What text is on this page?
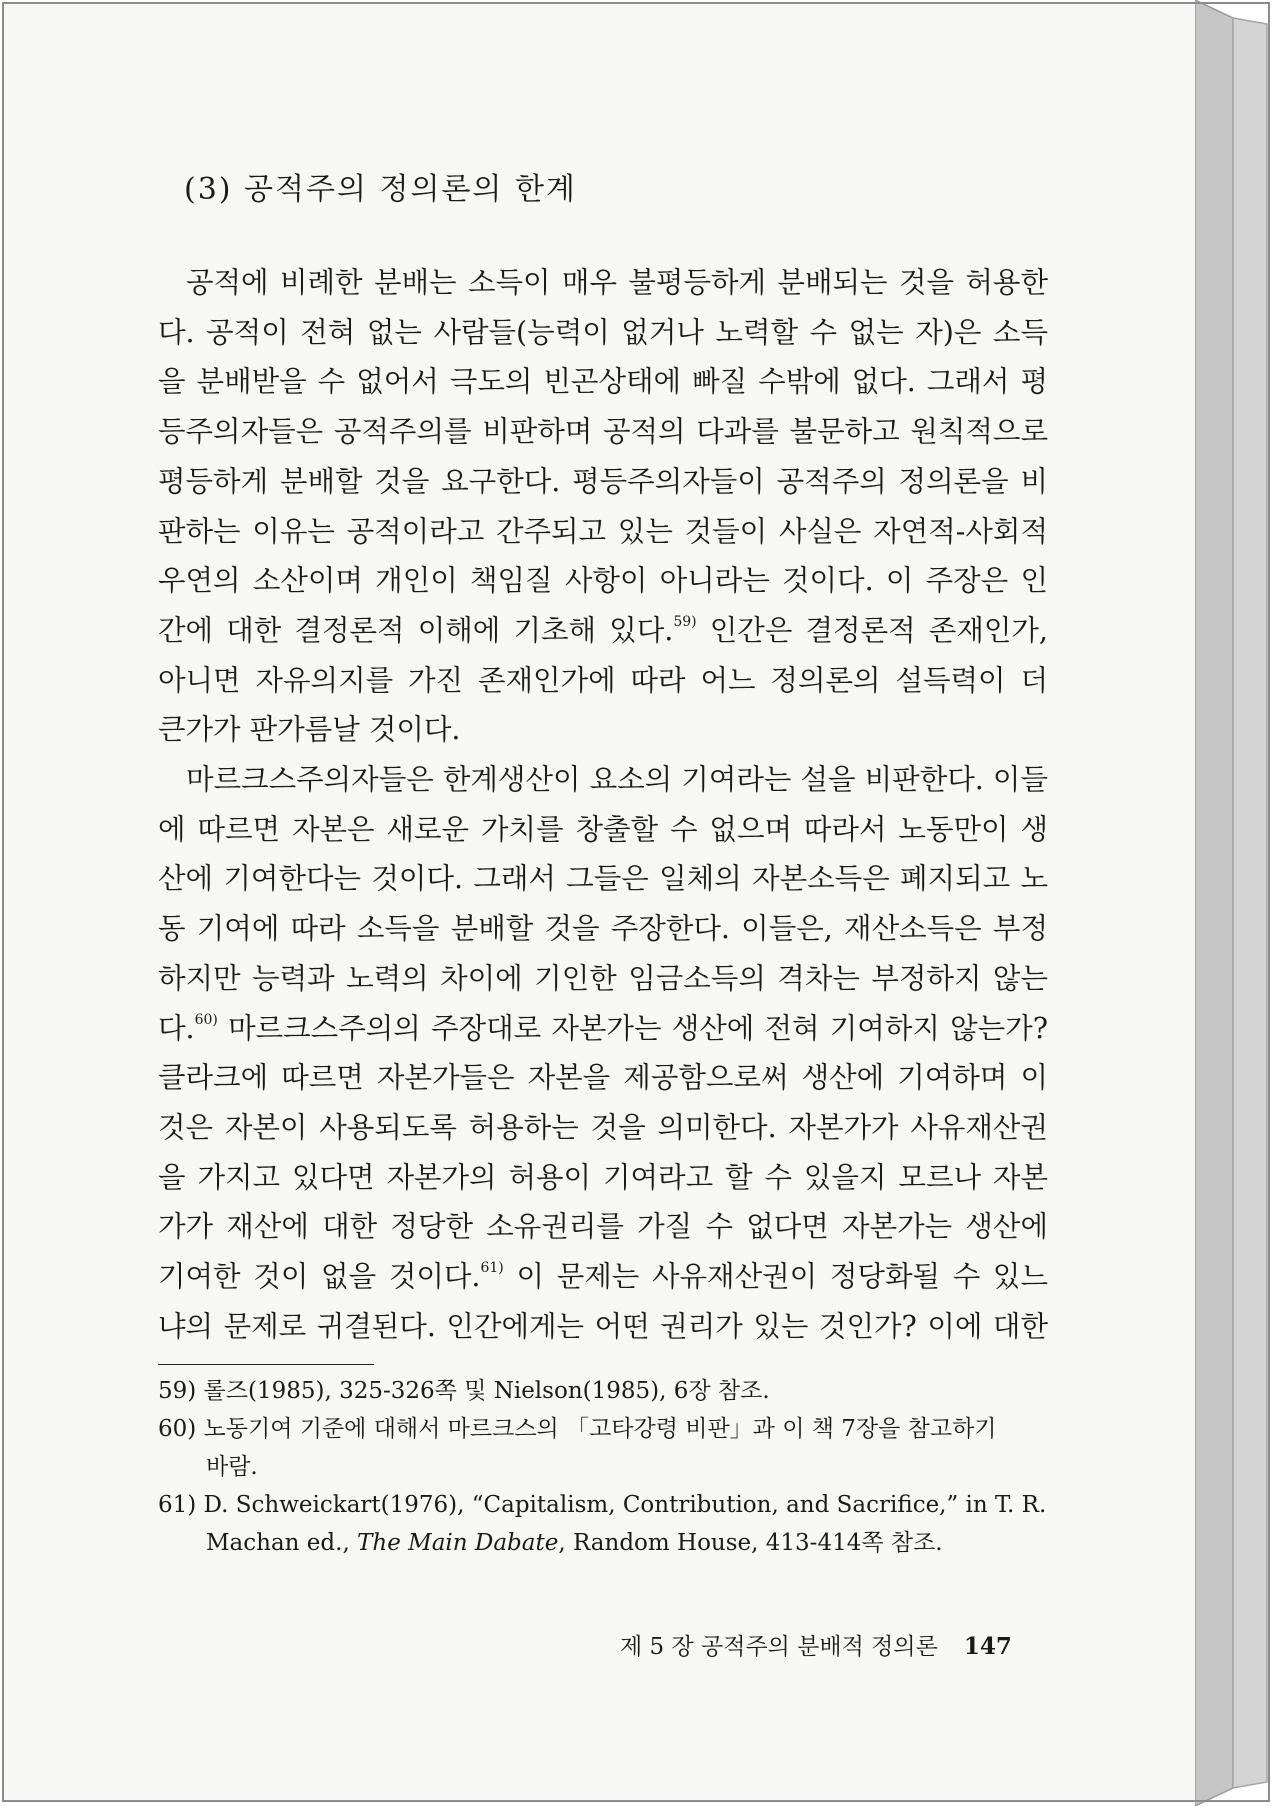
(3) 공적주의 정의론의 한계
공적에 비례한 분배는 소득이 매우 불평등하게 분배되는 것을 허용한
다. 공적이 전혀 없는 사람들(능력이 없거나 노력할 수 없는 자)은 소득
을 분배받을 수 없어서 극도의 빈곤상태에 빠질 수밖에 없다. 그래서 평
등주의자들은 공적주의를 비판하며 공적의 다과를 불문하고 원칙적으로
평등하게 분배할 것을 요구한다. 평등주의자들이 공적주의 정의론을 비
판하는 이유는 공적이라고 간주되고 있는 것들이 사실은 자연적-사회적
우연의 소산이며 개인이 책임질 사항이 아니라는 것이다. 이 주장은 인
간에 대한 결정론적 이해에 기초해 있다.$^{59)}$ 인간은 결정론적 존재인가,
아니면 자유의지를 가진 존재인가에 따라 어느 정의론의 설득력이 더
큰가가 판가름날 것이다.
마르크스주의자들은 한계생산이 요소의 기여라는 설을 비판한다. 이들
에 따르면 자본은 새로운 가치를 창출할 수 없으며 따라서 노동만이 생
산에 기여한다는 것이다. 그래서 그들은 일체의 자본소득은 폐지되고 노
동 기여에 따라 소득을 분배할 것을 주장한다. 이들은, 재산소득은 부정
하지만 능력과 노력의 차이에 기인한 임금소득의 격차는 부정하지 않는
다.$^{60)}$ 마르크스주의의 주장대로 자본가는 생산에 전혀 기여하지 않는가?
클라크에 따르면 자본가들은 자본을 제공함으로써 생산에 기여하며 이
것은 자본이 사용되도록 허용하는 것을 의미한다. 자본가가 사유재산권
을 가지고 있다면 자본가의 허용이 기여라고 할 수 있을지 모르나 자본
가가 재산에 대한 정당한 소유권리를 가질 수 없다면 자본가는 생산에
기여한 것이 없을 것이다.$^{61)}$ 이 문제는 사유재산권이 정당화될 수 있느
냐의 문제로 귀결된다. 인간에게는 어떤 권리가 있는 것인가? 이에 대한
59) 롤즈(1985), 325-326쪽 및 Nielson(1985), 6장 참조.
60) 노동기여 기준에 대해서 마르크스의 「고타강령 비판」과 이 책 7장을 참고하기
바람.
61) D. Schweickart(1976), “Capitalism, Contribution, and Sacrifice,” in T. R.
Machan ed., The Main Dabate, Random House, 413-414쪽 참조.

제 5 장 공적주의 분배적 정의론 147
